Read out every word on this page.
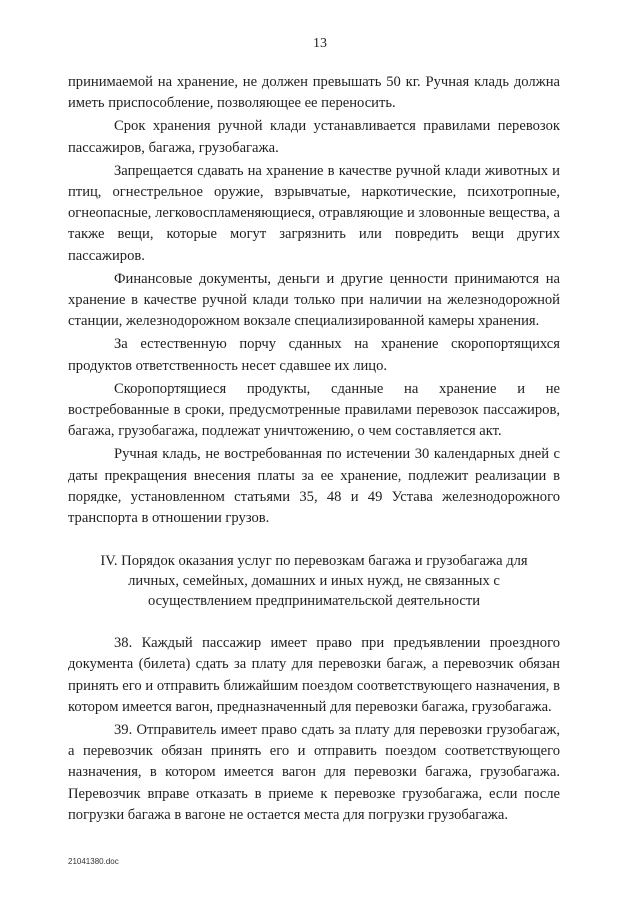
13

принимаемой на хранение, не должен превышать 50 кг. Ручная кладь должна иметь приспособление, позволяющее ее переносить.

Срок хранения ручной клади устанавливается правилами перевозок пассажиров, багажа, грузобагажа.

Запрещается сдавать на хранение в качестве ручной клади животных и птиц, огнестрельное оружие, взрывчатые, наркотические, психотропные, огнеопасные, легковоспламеняющиеся, отравляющие и зловонные вещества, а также вещи, которые могут загрязнить или повредить вещи других пассажиров.

Финансовые документы, деньги и другие ценности принимаются на хранение в качестве ручной клади только при наличии на железнодорожной станции, железнодорожном вокзале специализированной камеры хранения.

За естественную порчу сданных на хранение скоропортящихся продуктов ответственность несет сдавшее их лицо.

Скоропортящиеся продукты, сданные на хранение и не востребованные в сроки, предусмотренные правилами перевозок пассажиров, багажа, грузобагажа, подлежат уничтожению, о чем составляется акт.

Ручная кладь, не востребованная по истечении 30 календарных дней с даты прекращения внесения платы за ее хранение, подлежит реализации в порядке, установленном статьями 35, 48 и 49 Устава железнодорожного транспорта в отношении грузов.

IV. Порядок оказания услуг по перевозкам багажа и грузобагажа для личных, семейных, домашних и иных нужд, не связанных с осуществлением предпринимательской деятельности

38. Каждый пассажир имеет право при предъявлении проездного документа (билета) сдать за плату для перевозки багаж, а перевозчик обязан принять его и отправить ближайшим поездом соответствующего назначения, в котором имеется вагон, предназначенный для перевозки багажа, грузобагажа.

39. Отправитель имеет право сдать за плату для перевозки грузобагаж, а перевозчик обязан принять его и отправить поездом соответствующего назначения, в котором имеется вагон для перевозки багажа, грузобагажа. Перевозчик вправе отказать в приеме к перевозке грузобагажа, если после погрузки багажа в вагоне не остается места для погрузки грузобагажа.

21041380.doc
